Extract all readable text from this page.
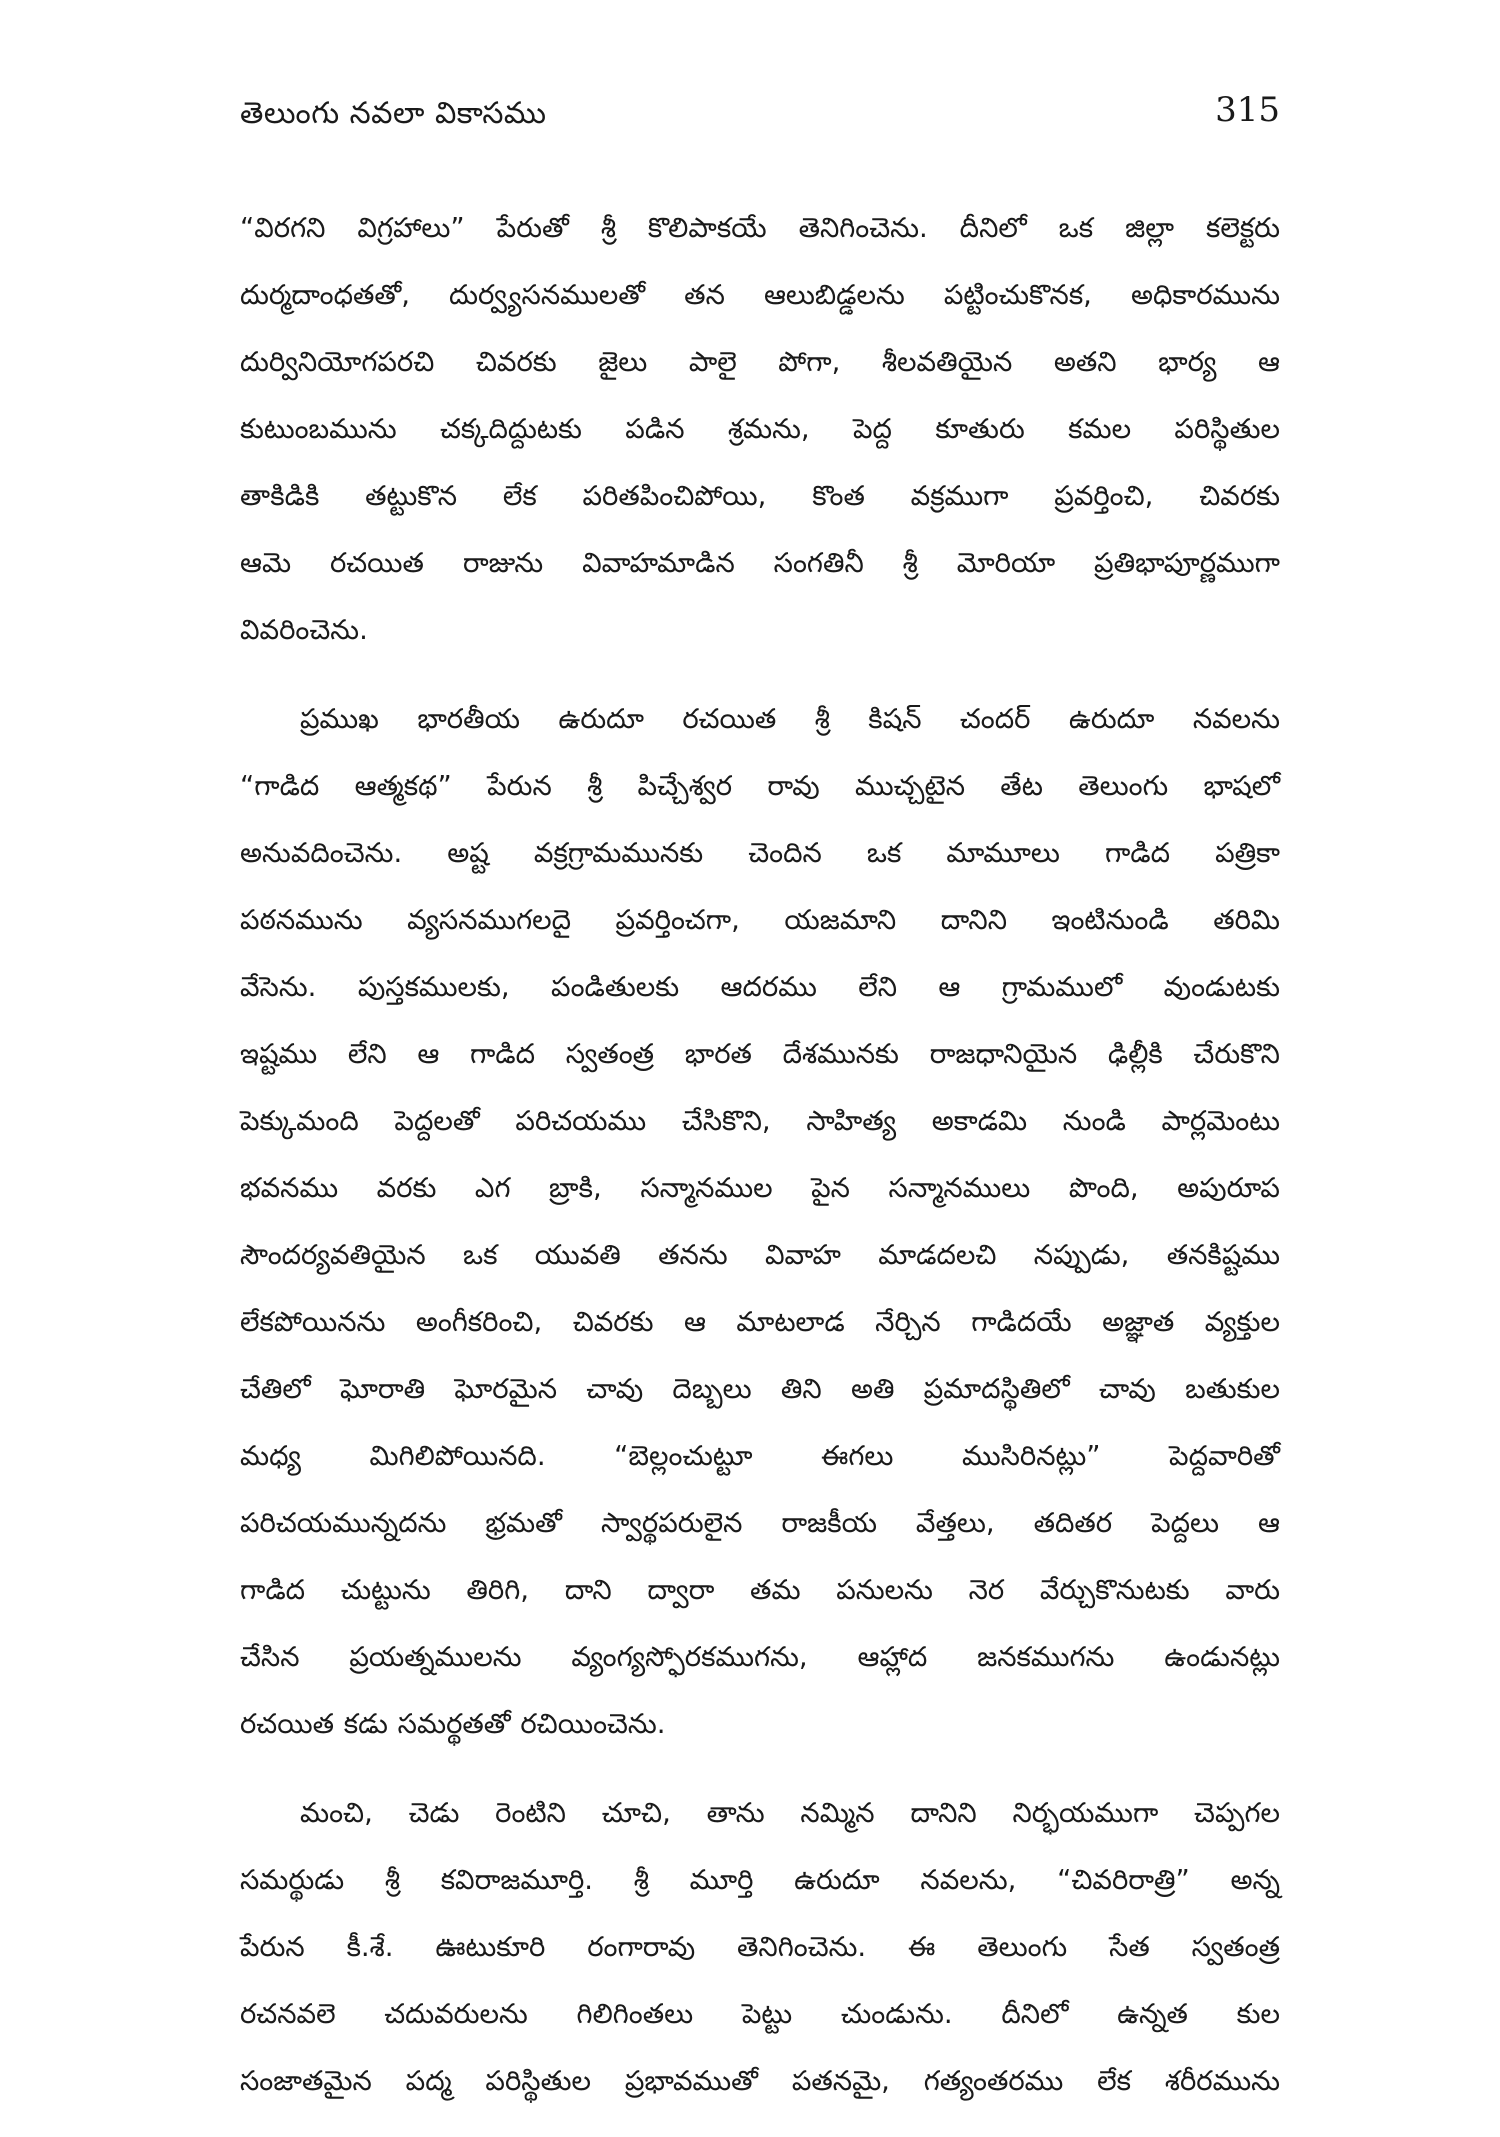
తెలుంగు నవలా వికాసము	315
“విరగని విగ్రహాలు” పేరుతో శ్రీ కొలిపాకయే తెనిగించెను. దీనిలో ఒక జిల్లా కలెక్టరు
దుర్మదాంధతతో, దుర్వ్యసనములతో తన ఆలుబిడ్డలను పట్టించుకొనక, అధికారమును
దుర్వినియోగపరచి చివరకు జైలు పాలై పోగా, శీలవతియైన అతని భార్య ఆ
కుటుంబమును చక్కదిద్దుటకు పడిన శ్రమను, పెద్ద కూతురు కమల పరిస్థితుల
తాకిడికి తట్టుకొన లేక పరితపించిపోయి, కొంత వక్రముగా ప్రవర్తించి, చివరకు
ఆమె రచయిత రాజును వివాహమాడిన సంగతినీ శ్రీ మోరియా ప్రతిభాపూర్ణముగా
వివరించెను.
ప్రముఖ భారతీయ ఉరుదూ రచయిత శ్రీ కిషన్ చందర్ ఉరుదూ నవలను
“గాడిద ఆత్మకథ” పేరున శ్రీ పిచ్చేశ్వర రావు ముచ్చటైన తేట తెలుంగు భాషలో
అనువదించెను. అష్ట వక్రగ్రామమునకు చెందిన ఒక మామూలు గాడిద పత్రికా
పఠనమును వ్యసనముగలదై ప్రవర్తించగా, యజమాని దానిని ఇంటినుండి తరిమి
వేసెను. పుస్తకములకు, పండితులకు ఆదరము లేని ఆ గ్రామములో వుండుటకు
ఇష్టము లేని ఆ గాడిద స్వతంత్ర భారత దేశమునకు రాజధానియైన ఢిల్లీకి చేరుకొని
పెక్కుమంది పెద్దలతో పరిచయము చేసికొని, సాహిత్య అకాడమి నుండి పార్లమెంటు
భవనము వరకు ఎగ బ్రాకి, సన్మానముల పైన సన్మానములు పొంది, అపురూప
సౌందర్యవతియైన ఒక యువతి తనను వివాహ మాడదలచి నప్పుడు, తనకిష్టము
లేకపోయినను అంగీకరించి, చివరకు ఆ మాటలాడ నేర్చిన గాడిదయే అజ్ఞాత వ్యక్తుల
చేతిలో ఘోరాతి ఘోరమైన చావు దెబ్బలు తిని అతి ప్రమాదస్థితిలో చావు బతుకుల
మధ్య మిగిలిపోయినది. “బెల్లంచుట్టూ ఈగలు ముసిరినట్లు” పెద్దవారితో
పరిచయమున్నదను భ్రమతో స్వార్థపరులైన రాజకీయ వేత్తలు, తదితర పెద్దలు ఆ
గాడిద చుట్టును తిరిగి, దాని ద్వారా తమ పనులను నెర వేర్చుకొనుటకు వారు
చేసిన ప్రయత్నములను వ్యంగ్యస్ఫోరకముగను, ఆహ్లాద జనకముగను ఉండునట్లు
రచయిత కడు సమర్థతతో రచియించెను.
మంచి, చెడు రెంటిని చూచి, తాను నమ్మిన దానిని నిర్భయముగా చెప్పగల
సమర్థుడు శ్రీ కవిరాజమూర్తి. శ్రీ మూర్తి ఉరుదూ నవలను, “చివరిరాత్రి” అన్న
పేరున కీ.శే. ఊటుకూరి రంగారావు తెనిగించెను. ఈ తెలుంగు సేత స్వతంత్ర
రచనవలె చదువరులను గిలిగింతలు పెట్టు చుండును. దీనిలో ఉన్నత కుల
సంజాతమైన పద్మ పరిస్థితుల ప్రభావముతో పతనమై, గత్యంతరము లేక శరీరమును
